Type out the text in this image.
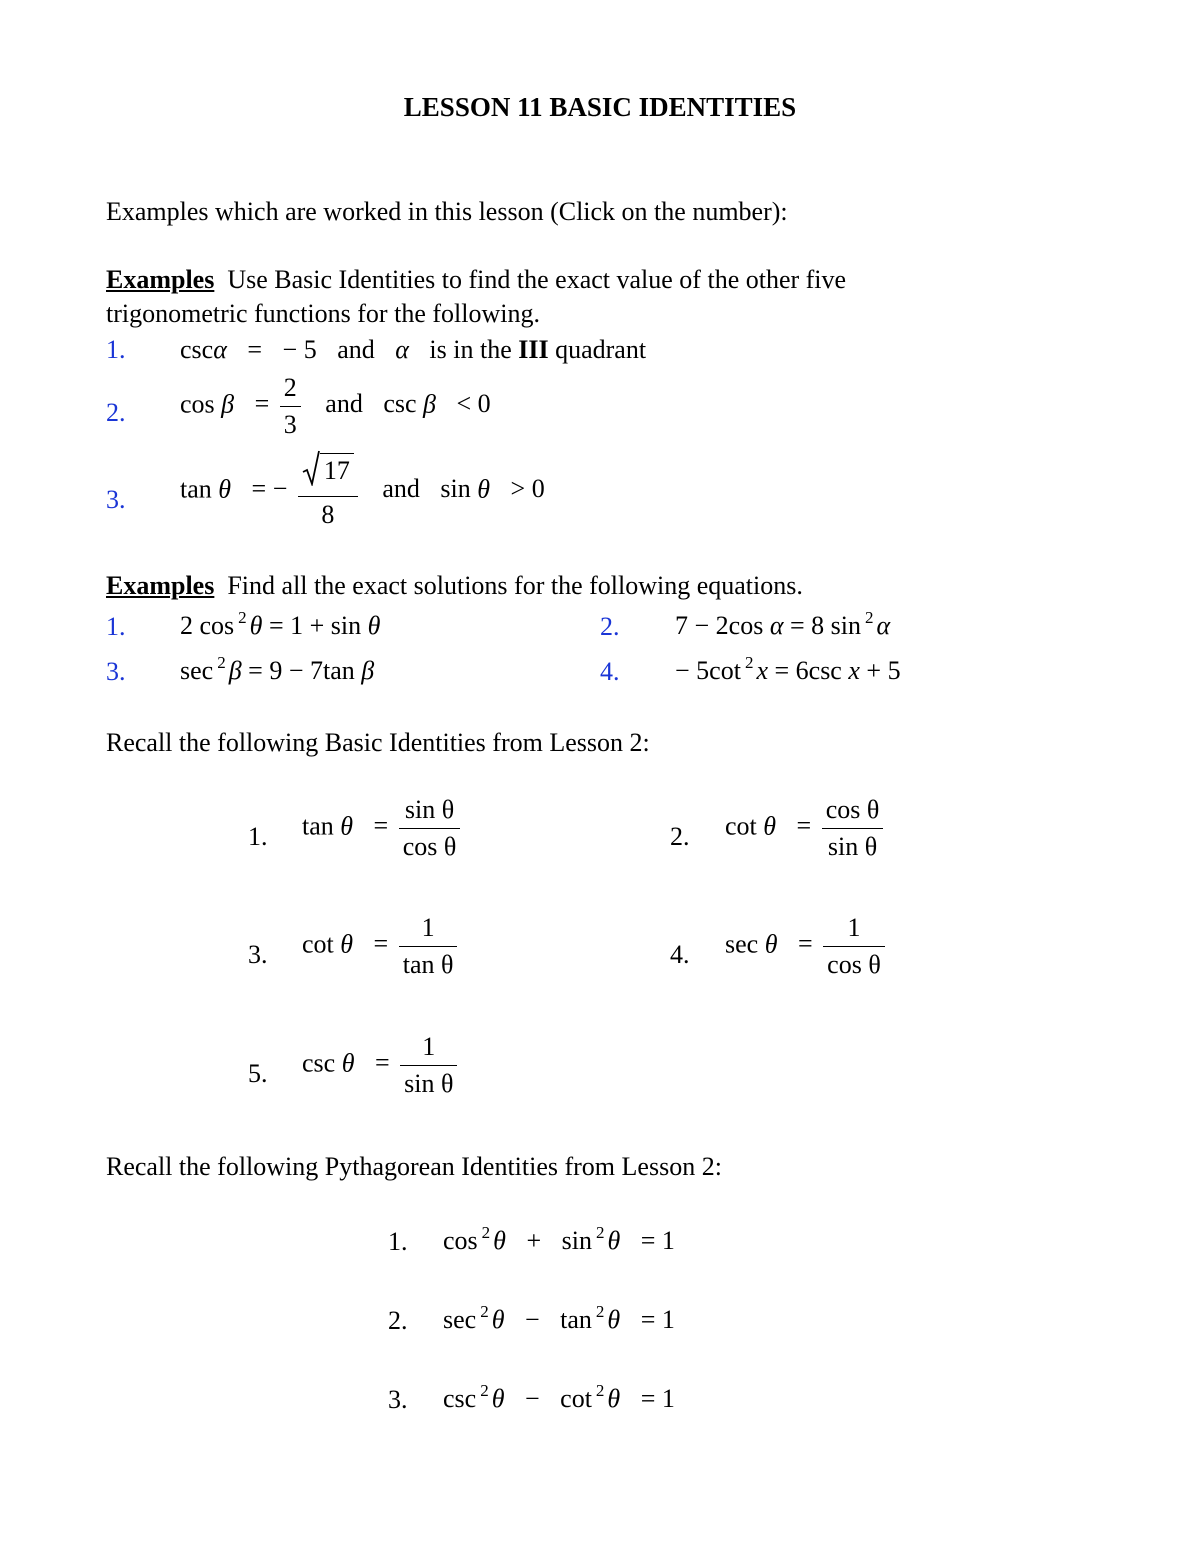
LESSON 11 BASIC IDENTITIES
Examples which are worked in this lesson (Click on the number):
Examples Use Basic Identities to find the exact value of the other five
trigonometric functions for the following.
1. cscα = − 5 and α is in the III quadrant
2. $\cos \beta = \frac{2}{3}$ and csc β < 0
3. tan θ = − $\frac{17}{8}$ and sin θ > 0
Examples Find all the exact solutions for the following equations.
1. 2 cos $^2$ θ = 1 + sin θ	2. 7 − 2cos α = 8 sin $^2$ α
3. sec $^2$ β = 9 − 7tan β	4. − 5cot $^2$ x = 6csc x + 5
Recall the following Basic Identities from Lesson 2:
1. $\tan \theta = \frac{\text{sin θ}}{\text{cos θ}}$	2. $\cot \theta = \frac{\text{cos θ}}{\text{sin θ}}$
3. $\cot \theta = \frac{1}{\text{tan θ}}$	4. $\sec \theta = \frac{1}{\text{cos θ}}$
5. $\csc \theta = \frac{1}{\text{sin θ}}$
Recall the following Pythagorean Identities from Lesson 2:
1. cos $^2$ θ + sin $^2$ θ = 1
2. sec $^2$ θ − tan $^2$ θ = 1
3. csc $^2$ θ − cot $^2$ θ = 1
